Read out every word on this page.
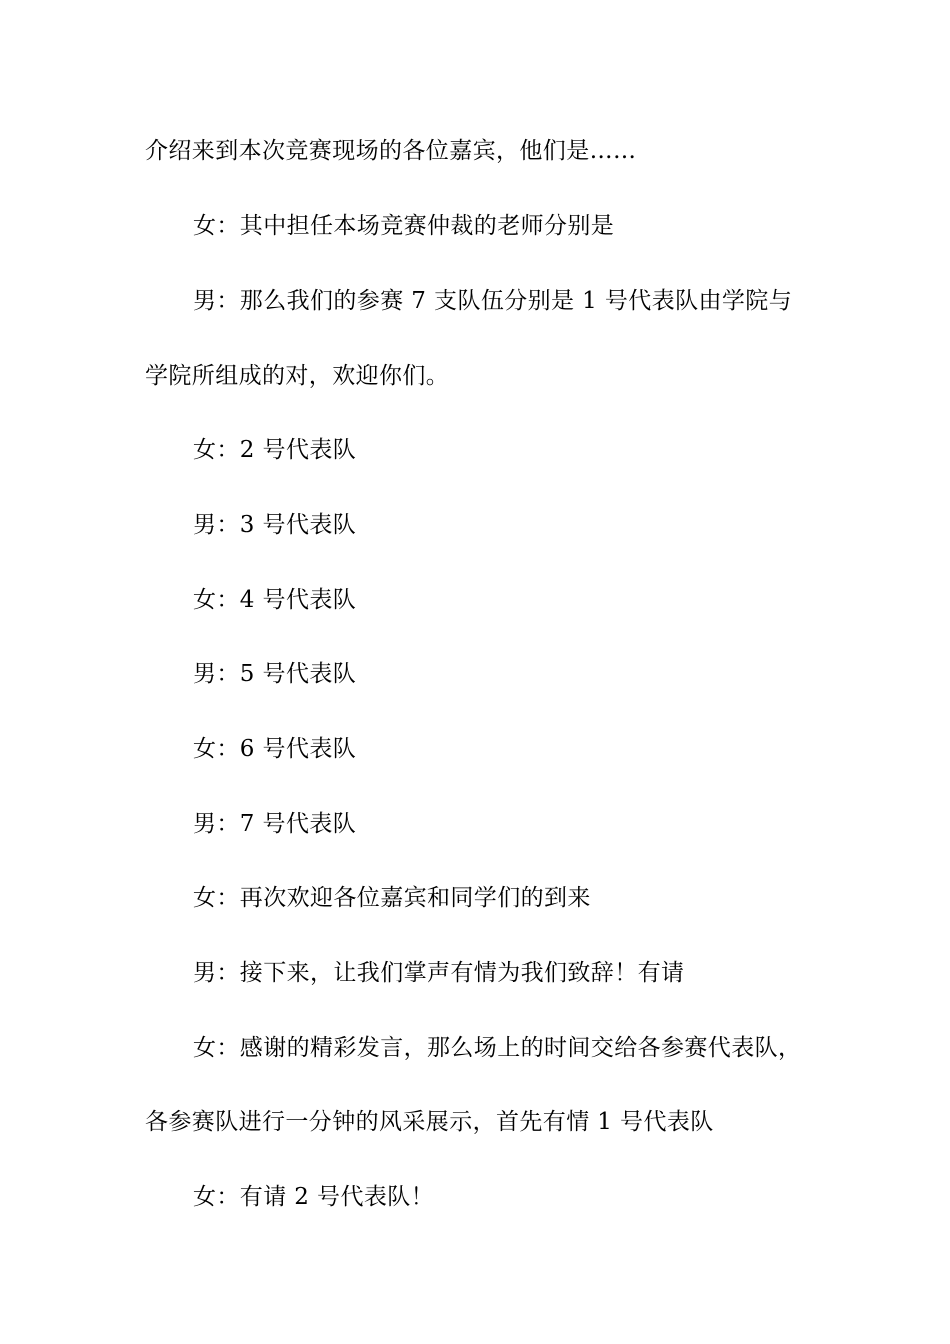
介绍来到本次竞赛现场的各位嘉宾，他们是……
女：其中担任本场竞赛仲裁的老师分别是
男：那么我们的参赛 7 支队伍分别是 1 号代表队由学院与
学院所组成的对，欢迎你们。
女：2 号代表队
男：3 号代表队
女：4 号代表队
男：5 号代表队
女：6 号代表队
男：7 号代表队
女：再次欢迎各位嘉宾和同学们的到来
男：接下来，让我们掌声有情为我们致辞！有请
女：感谢的精彩发言，那么场上的时间交给各参赛代表队，
各参赛队进行一分钟的风采展示，首先有情 1 号代表队
女：有请 2 号代表队！
